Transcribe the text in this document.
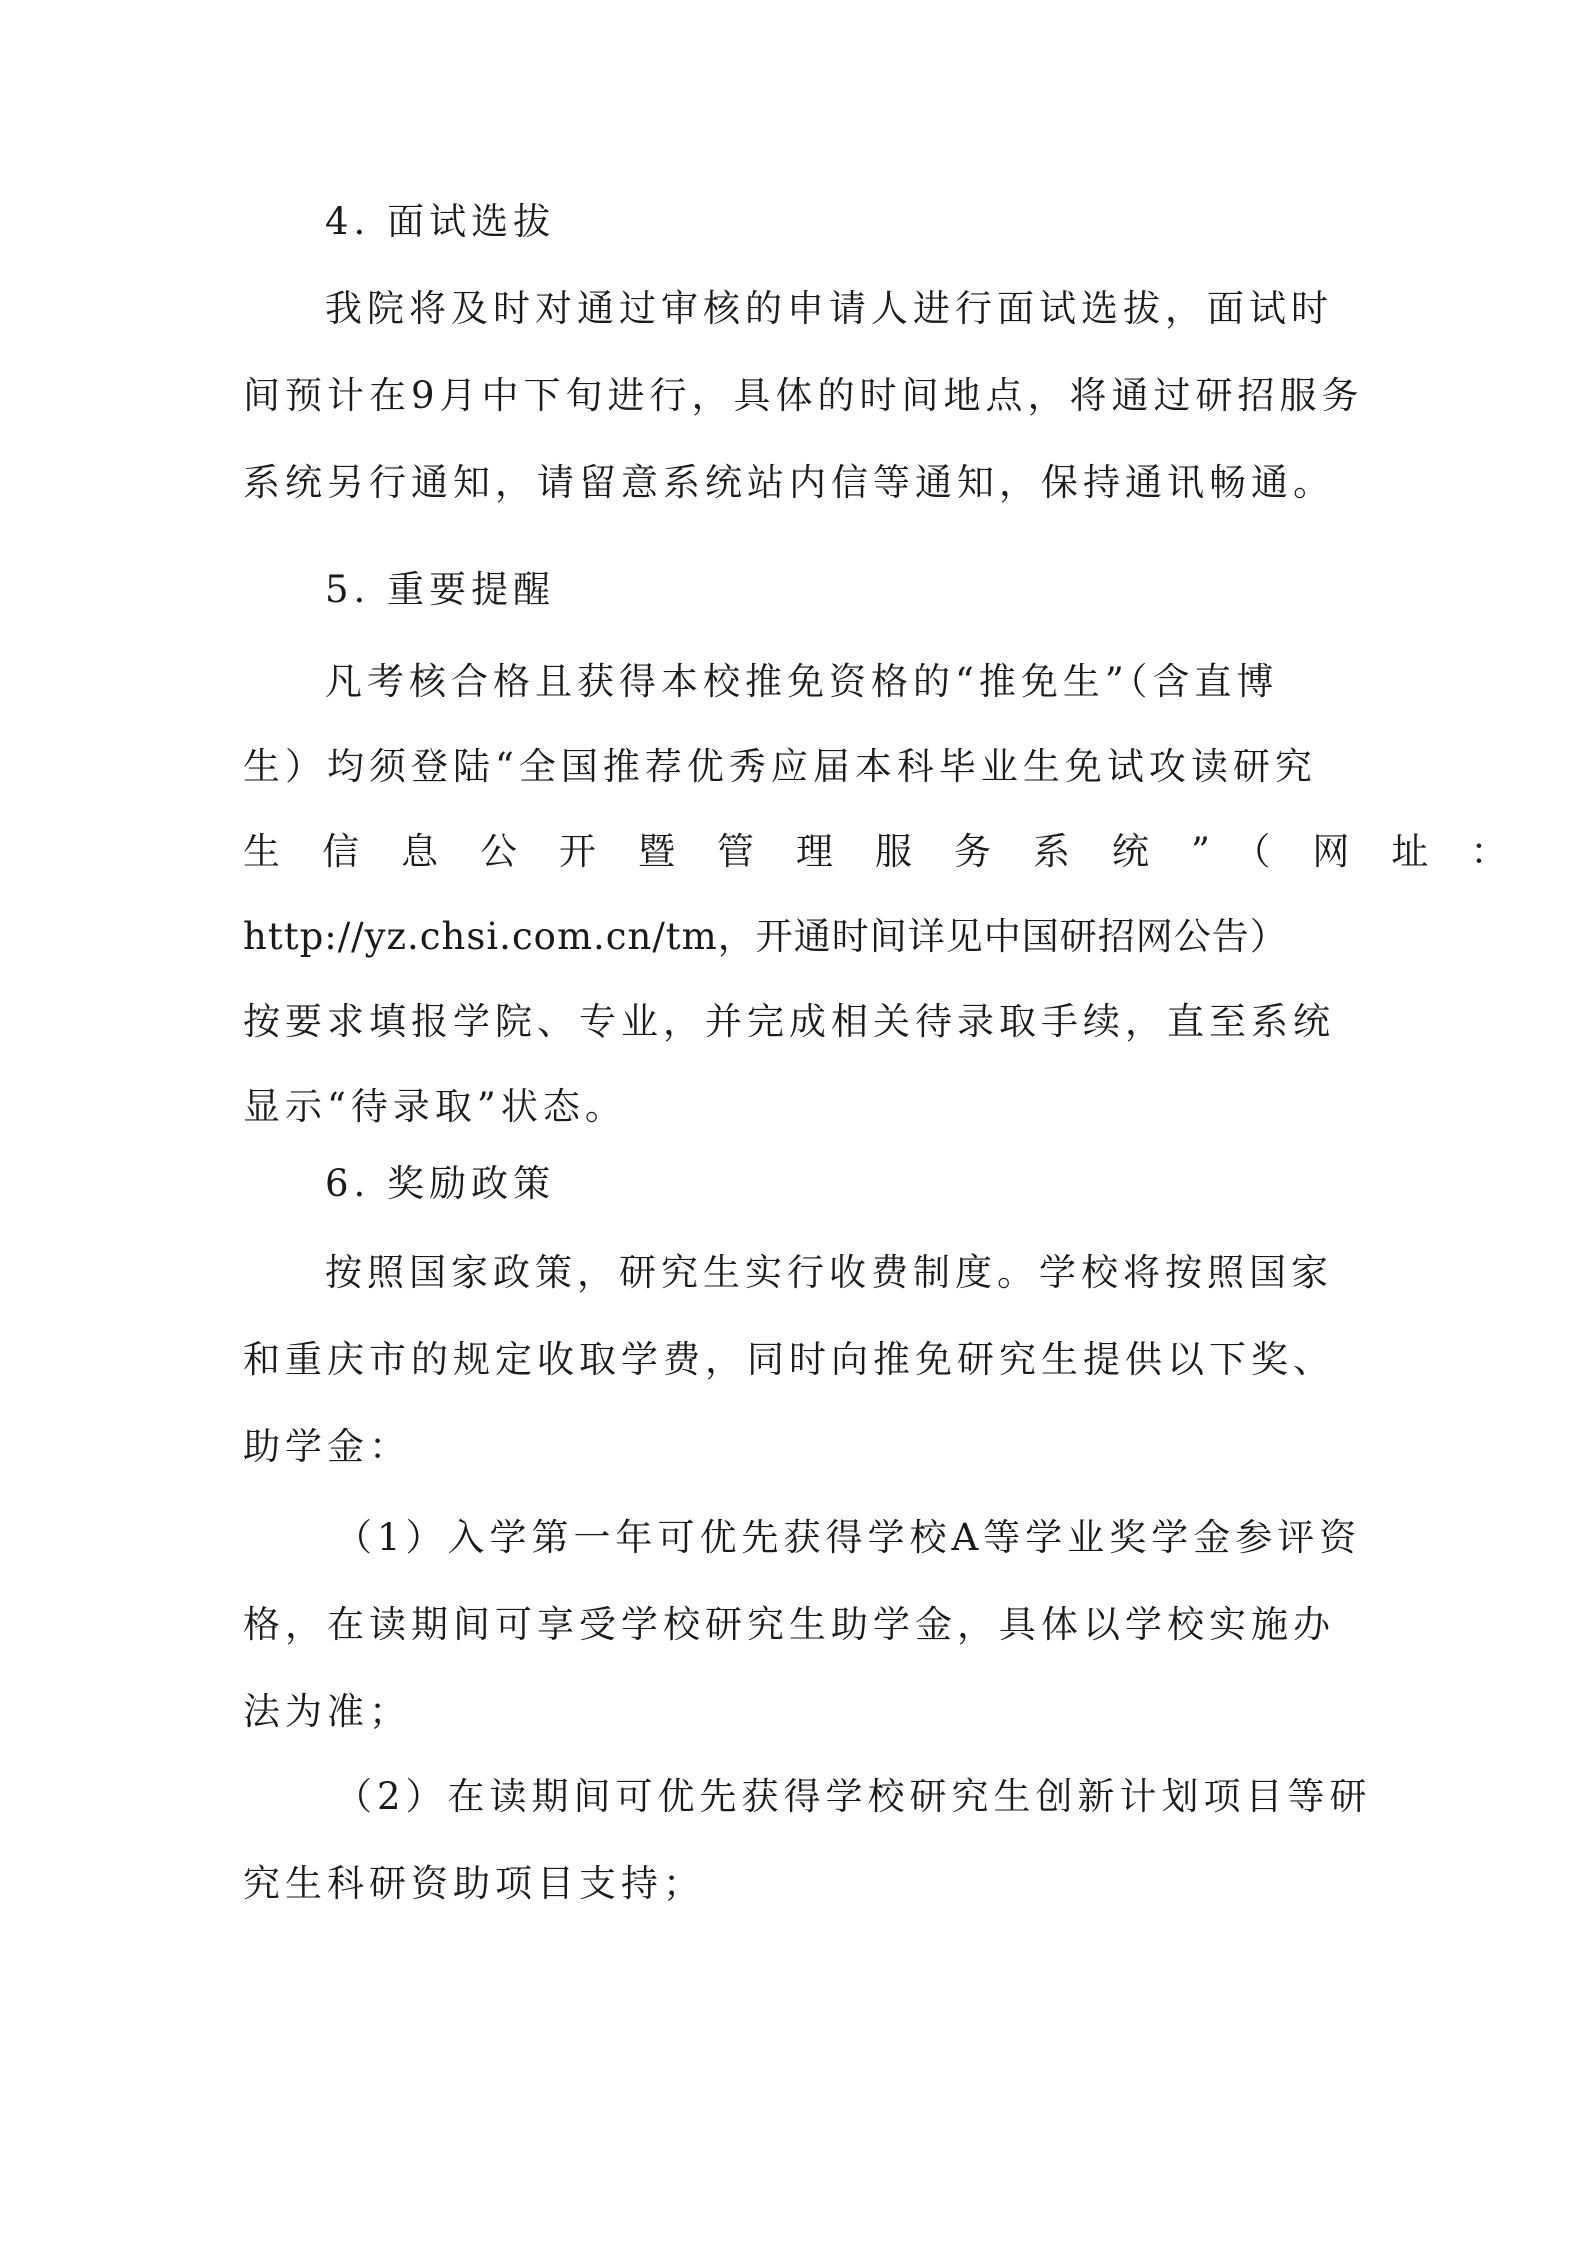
4. 面试选拔
我院将及时对通过审核的申请人进行面试选拔，面试时
间预计在9月中下旬进行，具体的时间地点，将通过研招服务
系统另行通知，请留意系统站内信等通知，保持通讯畅通。
5. 重要提醒
凡考核合格且获得本校推免资格的“推免生”（含直博
生）均须登陆“全国推荐优秀应届本科毕业生免试攻读研究
生信息公开暨管理服务系统”（网址：
http://yz.chsi.com.cn/tm，开通时间详见中国研招网公告）
按要求填报学院、专业，并完成相关待录取手续，直至系统
显示“待录取”状态。
6. 奖励政策
按照国家政策，研究生实行收费制度。学校将按照国家
和重庆市的规定收取学费，同时向推免研究生提供以下奖、
助学金：
（1）入学第一年可优先获得学校A等学业奖学金参评资
格，在读期间可享受学校研究生助学金，具体以学校实施办
法为准；
（2）在读期间可优先获得学校研究生创新计划项目等研
究生科研资助项目支持；
